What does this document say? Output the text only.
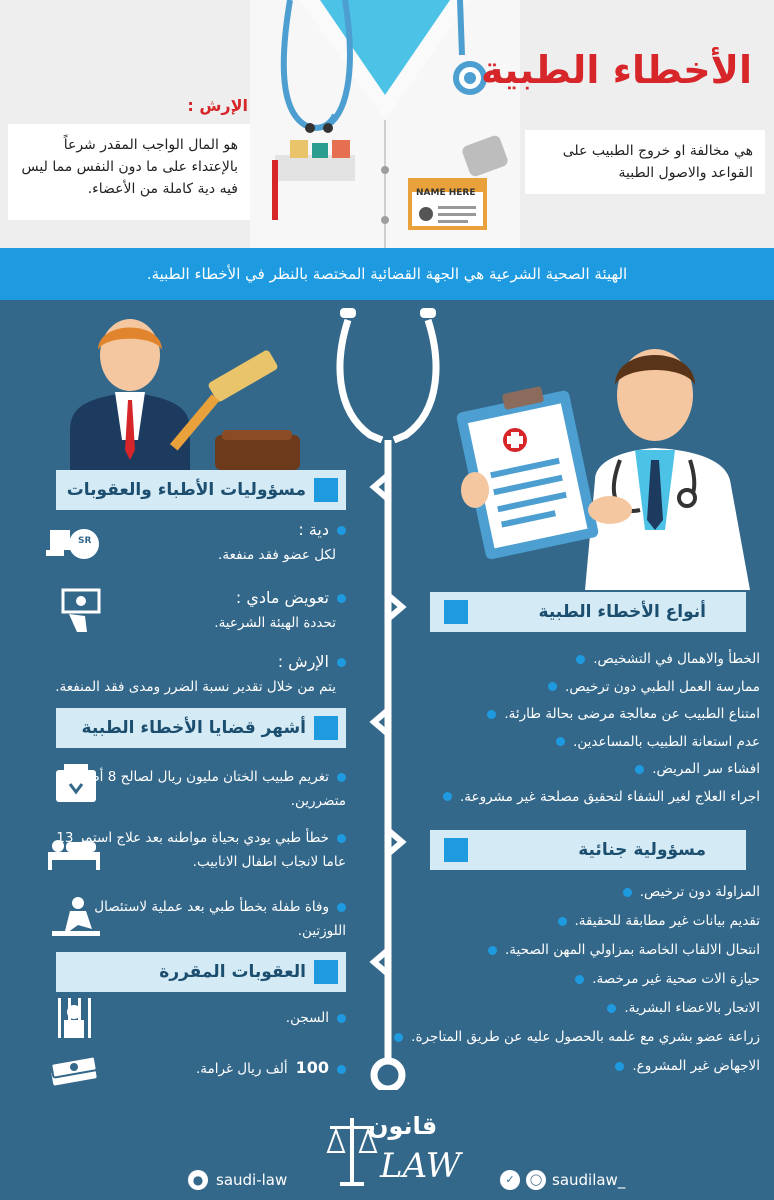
NAME HERE
الأخطاء الطبية
هي مخالفة او خروج الطبيب على القواعد والاصول الطبية
الإرش :
هو المال الواجب المقدر شرعاً بالإعتداء على ما دون النفس مما ليس فيه دية كاملة من الأعضاء.
الهيئة الصحية الشرعية هي الجهة القضائية المختصة بالنظر في الأخطاء الطبية.
مسؤوليات الأطباء والعقوبات
SR
دية :
لكل عضو فقد منفعة.
تعويض مادي :
تحددة الهيئة الشرعية.
الإرش :
يتم من خلال تقدير نسبة الضرر ومدى فقد المنفعة.
أشهر قضايا الأخطاء الطبية
تغريم طبيب الختان مليون ريال لصالح 8 أطفال متضررين.
خطأ طبي يودي بحياة مواطنه بعد علاج استمر 13 عاما لانجاب اطفال الانابيب.
وفاة طفلة بخطأ طبي بعد عملية لاستئصال اللوزتين.
العقوبات المقررة
السجن.
100ألف ريال غرامة.
أنواع الأخطاء الطبية
الخطأ والاهمال في التشخيص.
ممارسة العمل الطبي دون ترخيص.
امتناع الطبيب عن معالجة مرضى بحالة طارئة.
عدم استعانة الطبيب بالمساعدين.
افشاء سر المريض.
اجراء العلاج لغير الشفاء لتحقيق مصلحة غير مشروعة.
مسؤولية جنائية
المزاولة دون ترخيص.
تقديم بيانات غير مطابقة للحقيقة.
انتحال الالقاب الخاصة بمزاولي المهن الصحية.
حيازة الات صحية غير مرخصة.
الاتجار بالاعضاء البشرية.
زراعة عضو بشري مع علمه بالحصول عليه عن طريق المتاجرة.
الاجهاض غير المشروع.
قانون
LAW
● saudi-law	✓	◯ saudilaw_
